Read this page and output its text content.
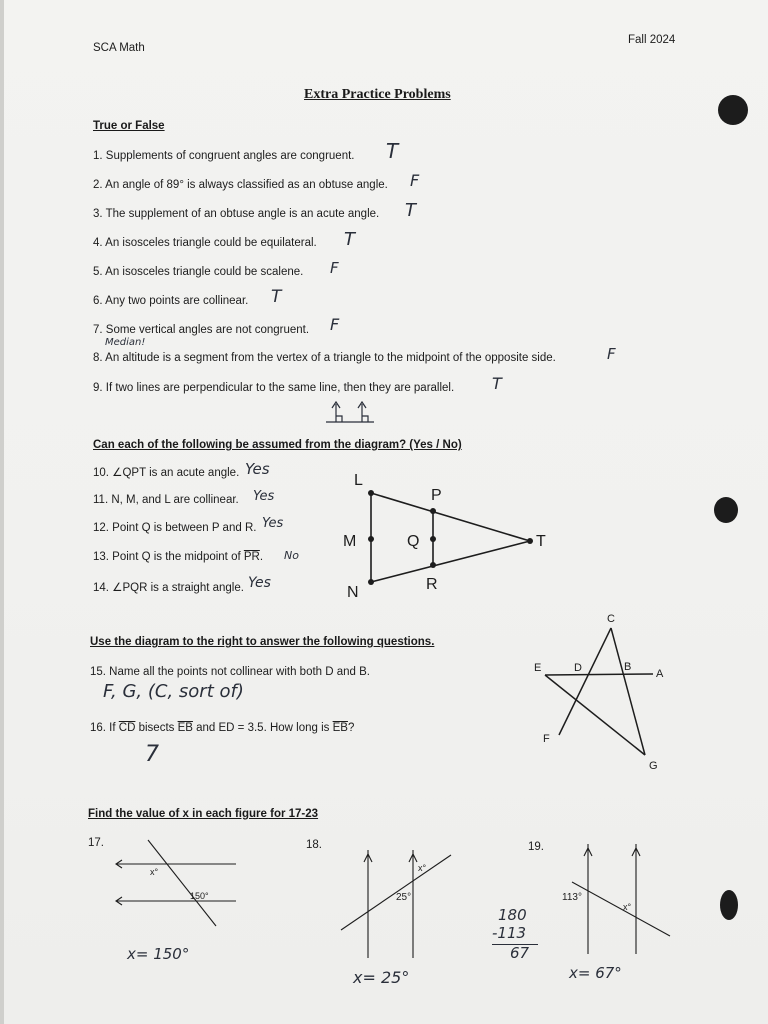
SCA Math
Fall 2024
Extra Practice Problems
True or False
1. Supplements of congruent angles are congruent. T
2. An angle of 89° is always classified as an obtuse angle. F
3. The supplement of an obtuse angle is an acute angle. T
4. An isosceles triangle could be equilateral. T
5. An isosceles triangle could be scalene. F
6. Any two points are collinear. T
7. Some vertical angles are not congruent. F
Median!
8. An altitude is a segment from the vertex of a triangle to the midpoint of the opposite side.	F
9. If two lines are perpendicular to the same line, then they are parallel. T
Can each of the following be assumed from the diagram? (Yes / No)
10. ∠QPT is an acute angle. Yes
11. N, M, and L are collinear. Yes
12. Point Q is between P and R. Yes
13. Point Q is the midpoint of $\overline{PR}$. No
14. ∠PQR is a straight angle. Yes
L
P
M	Q	T
N	R
Use the diagram to the right to answer the following questions.
15. Name all the points not collinear with both D and B.
F, G, (C, sort of)
16. If $\overline{CD}$ bisects $\overline{EB}$ and ED = 3.5. How long is $\overline{EB}$?
7
C
E	D	B
A
F
G
Find the value of x in each figure for 17-23
17.
x°
150°
x= 150°
18.
x°
25°
x= 25°
19.
113°
x°
180
-113
67
x= 67°
